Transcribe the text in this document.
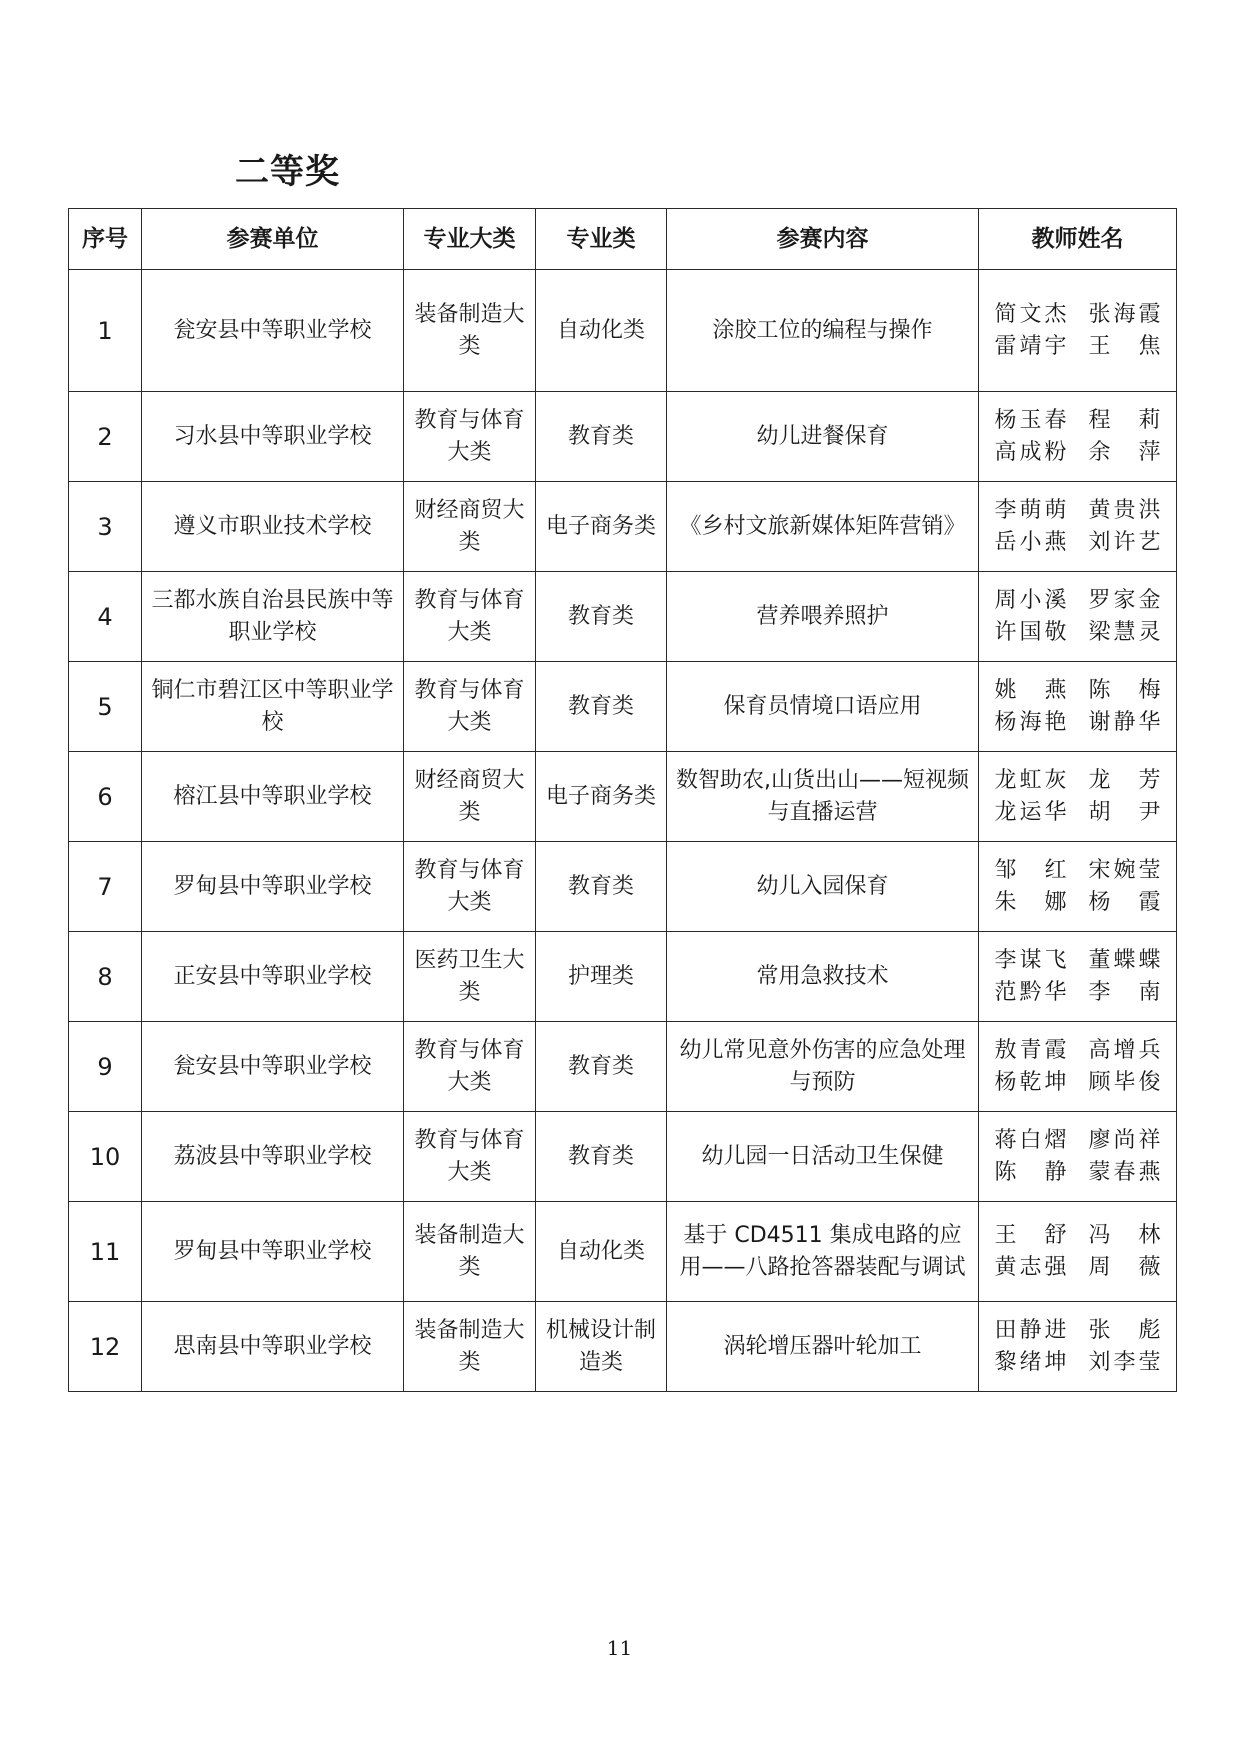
二等奖
序号	参赛单位	专业大类	专业类	参赛内容	教师姓名
1	瓮安县中等职业学校	装备制造大类	自动化类	涂胶工位的编程与操作	简文杰 张海霞
雷靖宇 王　焦

2	习水县中等职业学校	教育与体育大类	教育类	幼儿进餐保育	杨玉春 程　莉
高成粉 余　萍

3	遵义市职业技术学校	财经商贸大类	电子商务类	《乡村文旅新媒体矩阵营销》	李萌萌 黄贵洪
岳小燕 刘许艺

4	三都水族自治县民族中等职业学校	教育与体育大类	教育类	营养喂养照护	周小溪 罗家金
许国敬 梁慧灵

5	铜仁市碧江区中等职业学校	教育与体育大类	教育类	保育员情境口语应用	姚　燕 陈　梅
杨海艳 谢静华

6	榕江县中等职业学校	财经商贸大类	电子商务类	数智助农,山货出山——短视频与直播运营	龙虹灰 龙　芳
龙运华 胡　尹

7	罗甸县中等职业学校	教育与体育大类	教育类	幼儿入园保育	邹　红 宋婉莹
朱　娜 杨　霞

8	正安县中等职业学校	医药卫生大类	护理类	常用急救技术	李谋飞 董蝶蝶
范黔华 李　南

9	瓮安县中等职业学校	教育与体育大类	教育类	幼儿常见意外伤害的应急处理与预防	敖青霞 高增兵
杨乾坤 顾毕俊

10	荔波县中等职业学校	教育与体育大类	教育类	幼儿园一日活动卫生保健	蒋白熠 廖尚祥
陈　静 蒙春燕

11	罗甸县中等职业学校	装备制造大类	自动化类	基于 CD4511 集成电路的应用——八路抢答器装配与调试	王　舒 冯　林
黄志强 周　薇

12	思南县中等职业学校	装备制造大类	机械设计制造类	涡轮增压器叶轮加工	田静进 张　彪
黎绪坤 刘李莹
11
